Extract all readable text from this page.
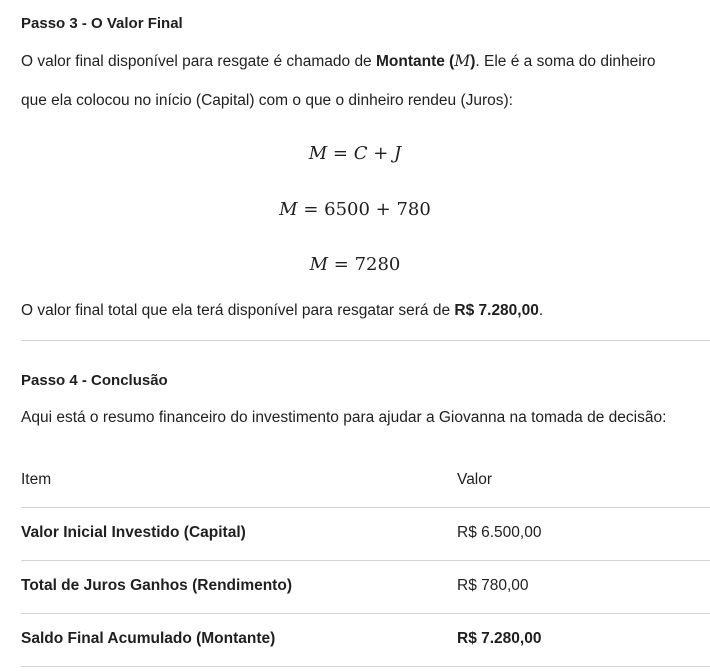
Passo 3 - O Valor Final
O valor final disponível para resgate é chamado de Montante (M). Ele é a soma do dinheiro
que ela colocou no início (Capital) com o que o dinheiro rendeu (Juros):
M = C + J
M = 6500 + 780
M = 7280
O valor final total que ela terá disponível para resgatar será de R$ 7.280,00.
Passo 4 - Conclusão
Aqui está o resumo financeiro do investimento para ajudar a Giovanna na tomada de decisão:
Item	Valor
Valor Inicial Investido (Capital)	R$ 6.500,00
Total de Juros Ganhos (Rendimento)	R$ 780,00
Saldo Final Acumulado (Montante)	R$ 7.280,00
